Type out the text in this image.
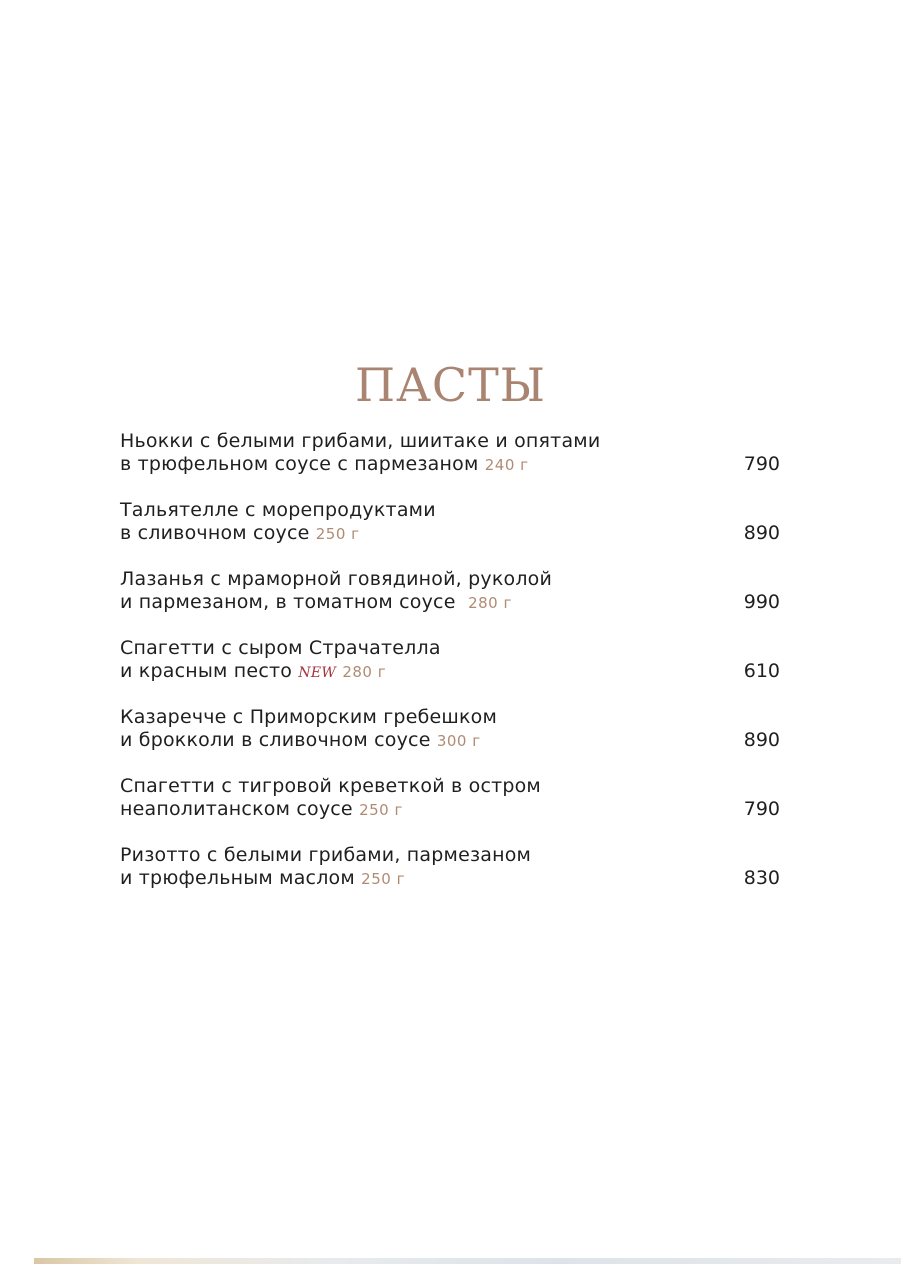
ПАСТЫ
Ньокки с белыми грибами, шиитаке и опятами
в трюфельном соусе с пармезаном 240 г	790
Тальятелле с морепродуктами
в сливочном соусе 250 г	890
Лазанья с мраморной говядиной, руколой
и пармезаном, в томатном соусе 280 г	990
Спагетти с сыром Страчателла
и красным песто NEW 280 г	610
Казаречче с Приморским гребешком
и брокколи в сливочном соусе 300 г	890
Спагетти с тигровой креветкой в остром
неаполитанском соусе 250 г	790
Ризотто с белыми грибами, пармезаном
и трюфельным маслом 250 г	830
